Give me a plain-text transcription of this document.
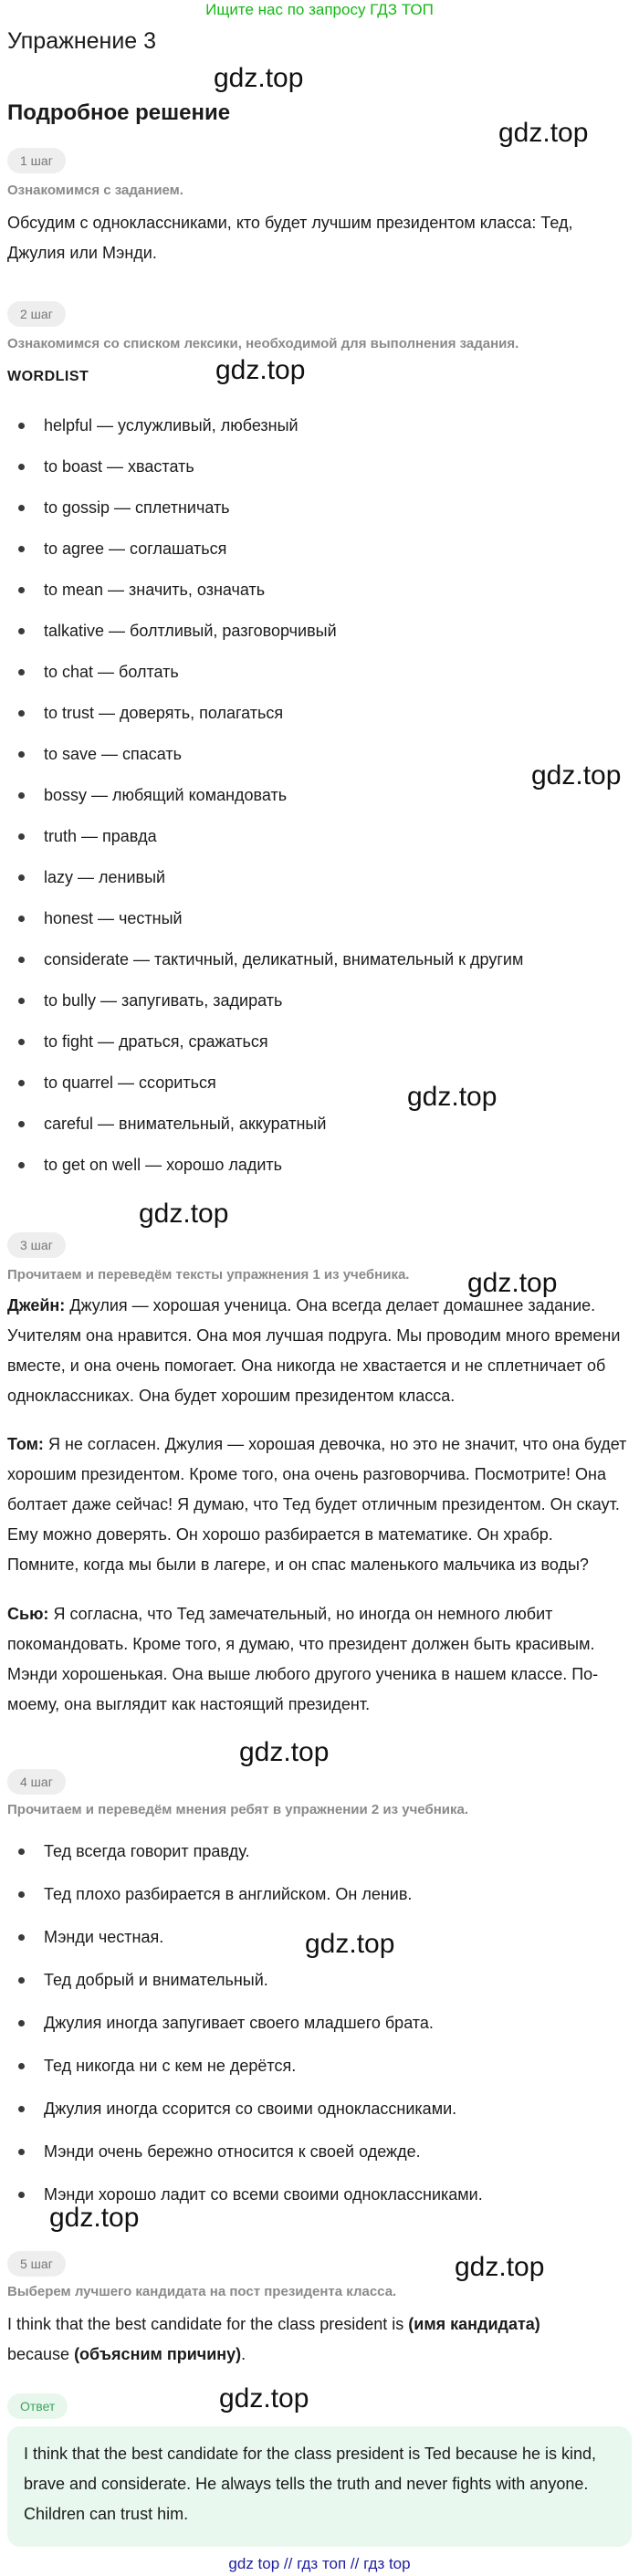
Ищите нас по запросу ГДЗ ТОП
Упражнение 3
Подробное решение
gdz.top
gdz.top
gdz.top
gdz.top
gdz.top
gdz.top
gdz.top
gdz.top
gdz.top
gdz.top
gdz.top
gdz.top
1 шаг
Ознакомимся с заданием.
Обсудим с одноклассниками, кто будет лучшим президентом класса: Тед, Джулия или Мэнди.
2 шаг
Ознакомимся со списком лексики, необходимой для выполнения задания.
WORDLIST
helpful — услужливый, любезный
to boast — хвастать
to gossip — сплетничать
to agree — соглашаться
to mean — значить, означать
talkative — болтливый, разговорчивый
to chat — болтать
to trust — доверять, полагаться
to save — спасать
bossy — любящий командовать
truth — правда
lazy — ленивый
honest — честный
considerate — тактичный, деликатный, внимательный к другим
to bully — запугивать, задирать
to fight — драться, сражаться
to quarrel — ссориться
careful — внимательный, аккуратный
to get on well — хорошо ладить
3 шаг
Прочитаем и переведём тексты упражнения 1 из учебника.
Джейн: Джулия — хорошая ученица. Она всегда делает домашнее задание. Учителям она нравится. Она моя лучшая подруга. Мы проводим много времени вместе, и она очень помогает. Она никогда не хвастается и не сплетничает об одноклассниках. Она будет хорошим президентом класса.
Том: Я не согласен. Джулия — хорошая девочка, но это не значит, что она будет хорошим президентом. Кроме того, она очень разговорчива. Посмотрите! Она болтает даже сейчас! Я думаю, что Тед будет отличным президентом. Он скаут. Ему можно доверять. Он хорошо разбирается в математике. Он храбр. Помните, когда мы были в лагере, и он спас маленького мальчика из воды?
Сью: Я согласна, что Тед замечательный, но иногда он немного любит покомандовать. Кроме того, я думаю, что президент должен быть красивым. Мэнди хорошенькая. Она выше любого другого ученика в нашем классе. По-моему, она выглядит как настоящий президент.
4 шаг
Прочитаем и переведём мнения ребят в упражнении 2 из учебника.
Тед всегда говорит правду.
Тед плохо разбирается в английском. Он ленив.
Мэнди честная.
Тед добрый и внимательный.
Джулия иногда запугивает своего младшего брата.
Тед никогда ни с кем не дерётся.
Джулия иногда ссорится со своими одноклассниками.
Мэнди очень бережно относится к своей одежде.
Мэнди хорошо ладит со всеми своими одноклассниками.
5 шаг
Выберем лучшего кандидата на пост президента класса.
I think that the best candidate for the class president is (имя кандидата)
because (объясним причину).
Ответ
I think that the best candidate for the class president is Ted because he is kind, brave and considerate. He always tells the truth and never fights with anyone. Children can trust him.
gdz top // гдз топ // гдз top
